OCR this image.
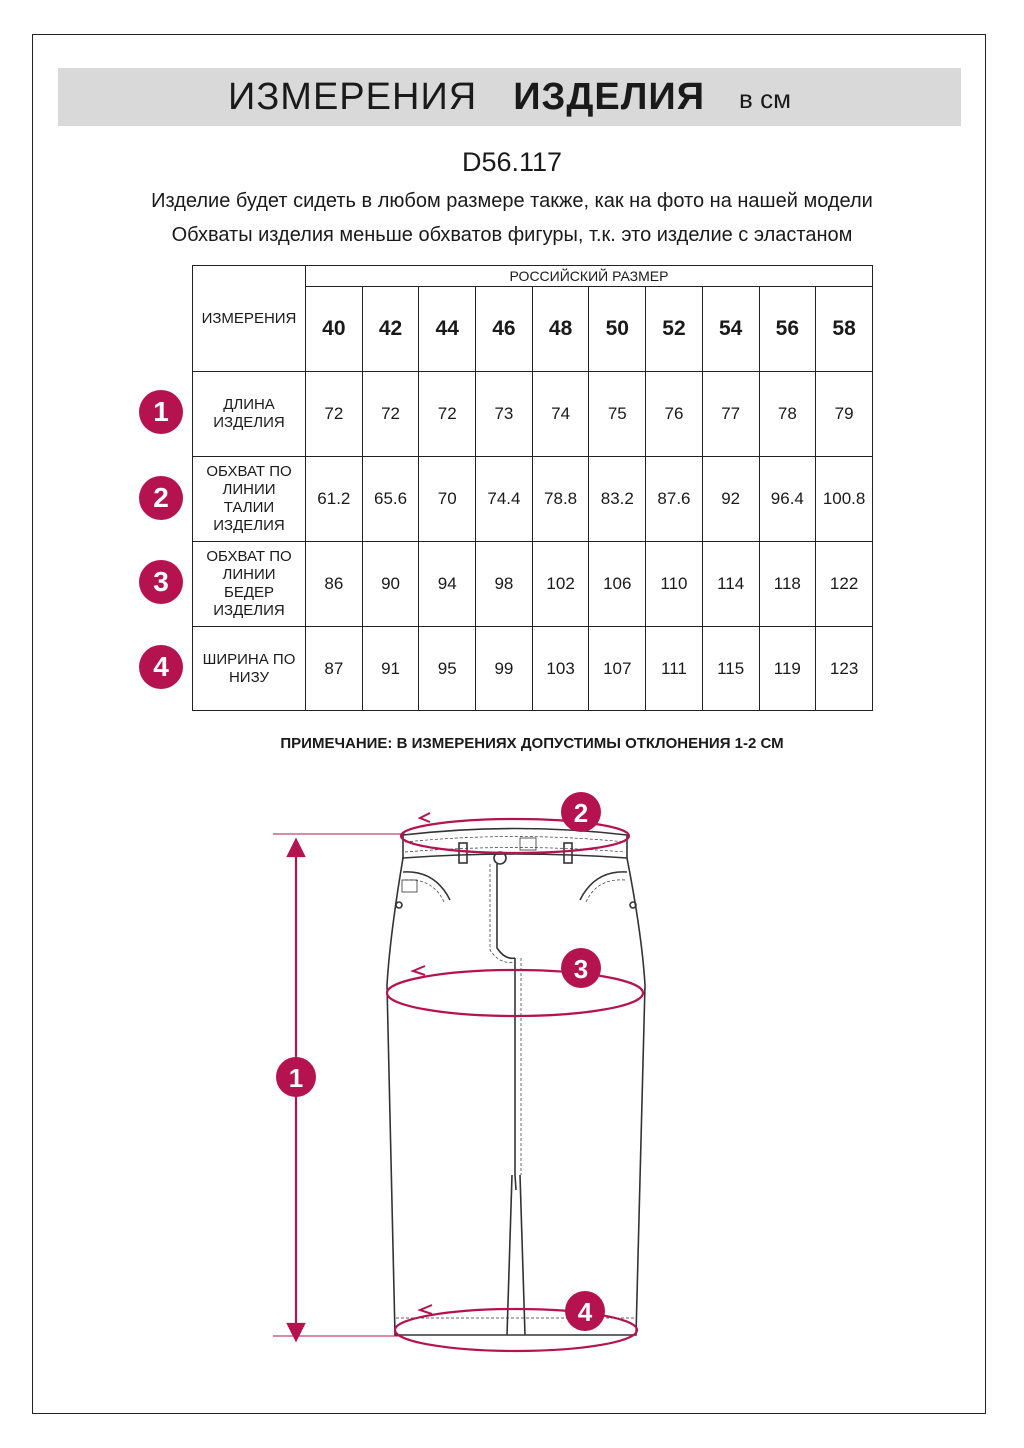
ИЗМЕРЕНИЯ ИЗДЕЛИЯ в см
D56.117
Изделие будет сидеть в любом размере также, как на фото на нашей модели
Обхваты изделия меньше обхватов фигуры, т.к. это изделие с эластаном
ИЗМЕРЕНИЯ	РОССИЙСКИЙ РАЗМЕР									
	40	42	44	46	48	50	52	54	56	58
ДЛИНА
ИЗДЕЛИЯ	72	72	72	73	74	75	76	77	78	79
ОБХВАТ ПО
ЛИНИИ
ТАЛИИ
ИЗДЕЛИЯ	61.2	65.6	70	74.4	78.8	83.2	87.6	92	96.4	100.8
ОБХВАТ ПО
ЛИНИИ
БЕДЕР
ИЗДЕЛИЯ	86	90	94	98	102	106	110	114	118	122
ШИРИНА ПО
НИЗУ	87	91	95	99	103	107	111	115	119	123
1
2
3
4
ПРИМЕЧАНИЕ: В ИЗМЕРЕНИЯХ ДОПУСТИМЫ ОТКЛОНЕНИЯ 1-2 СМ
1
2
3
4
